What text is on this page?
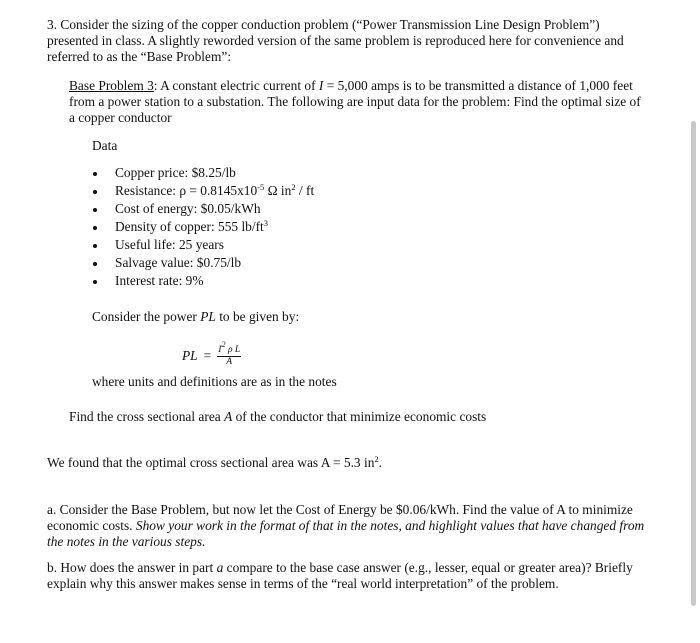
3. Consider the sizing of the copper conduction problem (“Power Transmission Line Design Problem”) presented in class. A slightly reworded version of the same problem is reproduced here for convenience and referred to as the “Base Problem”:
Base Problem 3: A constant electric current of I = 5,000 amps is to be transmitted a distance of 1,000 feet from a power station to a substation. The following are input data for the problem: Find the optimal size of a copper conductor
Data
Copper price: $8.25/lb
Resistance: $\rho = 0.8145x10^{-5}$ Ω $in^2$ / ft
Cost of energy: $0.05/kWh
Density of copper: 555 $lb/ft^3$
Useful life: 25 years
Salvage value: $0.75/lb
Interest rate: 9%
Consider the power PL to be given by:
PL = $\frac{I^2 \rho L}{A}$
where units and definitions are as in the notes
Find the cross sectional area A of the conductor that minimize economic costs
We found that the optimal cross sectional area was A = 5.3 $in^2$.
a. Consider the Base Problem, but now let the Cost of Energy be $0.06/kWh. Find the value of A to minimize economic costs. Show your work in the format of that in the notes, and highlight values that have changed from the notes in the various steps.
b. How does the answer in part a compare to the base case answer (e.g., lesser, equal or greater area)? Briefly explain why this answer makes sense in terms of the “real world interpretation” of the problem.
